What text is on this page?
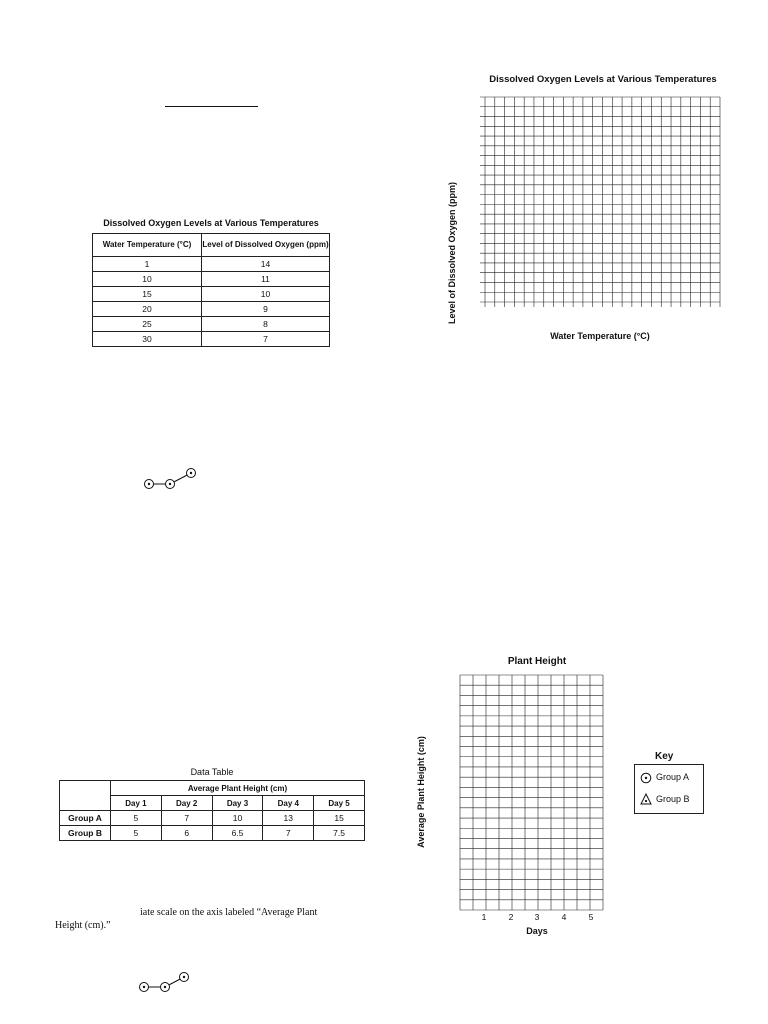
Dissolved Oxygen Levels at Various Temperatures
Water Temperature (°C)	Level of Dissolved Oxygen (ppm)
1	14
10	11
15	10
20	9
25	8
30	7
Dissolved Oxygen Levels at Various Temperatures
Level of Dissolved Oxygen (ppm)
Water Temperature (°C)
Data Table
	Average Plant Height (cm)				
	Day 1	Day 2	Day 3	Day 4	Day 5
Group A	5	7	10	13	15
Group B	5	6	6.5	7	7.5
iate scale on the axis labeled “Average Plant
Height (cm).”
Plant Height
Average Plant Height (cm)
1	2	3	4	5
Days
Key
Group A
Group B
